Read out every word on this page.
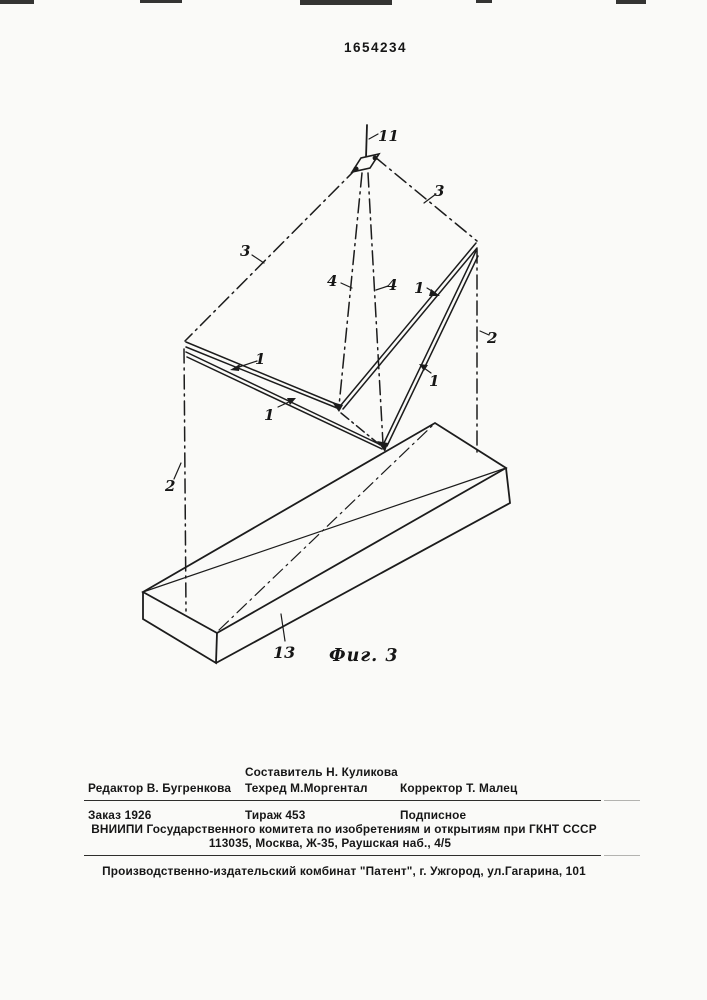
1654234
11
3
3
4	4 1
1
1
1
2
2
13 Фиг. 3
Составитель Н. Куликова
Редактор В. Бугренкова Техред М.Моргентал	Корректор Т. Малец
Заказ 1926	Тираж 453	Подписное
ВНИИПИ Государственного комитета по изобретениям и открытиям при ГКНТ СССР
113035, Москва, Ж-35, Раушская наб., 4/5
Производственно-издательский комбинат "Патент", г. Ужгород, ул.Гагарина, 101
